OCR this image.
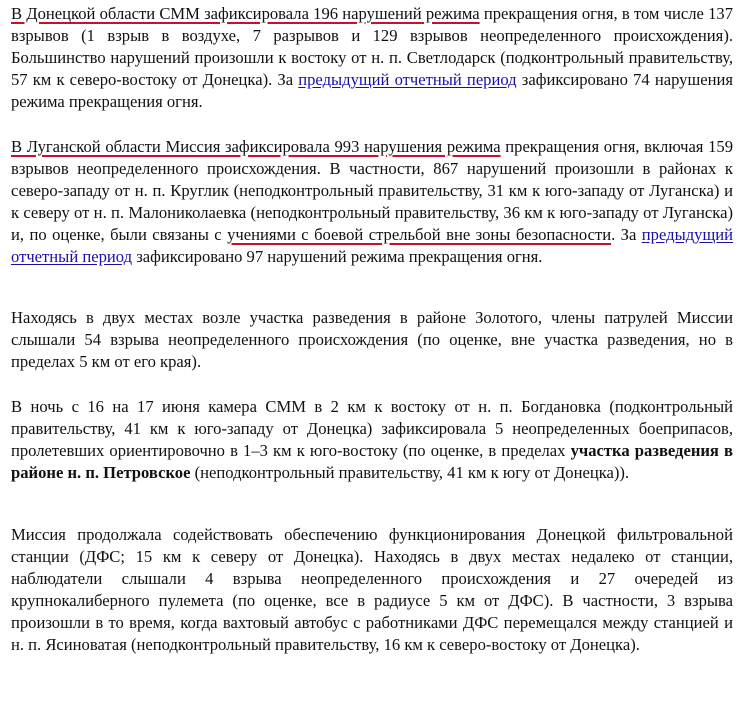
В Донецкой области СММ зафиксировала 196 нарушений режима прекращения огня, в том числе 137 взрывов (1 взрыв в воздухе, 7 разрывов и 129 взрывов неопределенного происхождения). Большинство нарушений произошли к востоку от н. п. Светлодарск (подконтрольный правительству, 57 км к северо-востоку от Донецка). За предыдущий отчетный период зафиксировано 74 нарушения режима прекращения огня.

В Луганской области Миссия зафиксировала 993 нарушения режима прекращения огня, включая 159 взрывов неопределенного происхождения. В частности, 867 нарушений произошли в районах к северо-западу от н. п. Круглик (неподконтрольный правительству, 31 км к юго-западу от Луганска) и к северу от н. п. Малониколаевка (неподконтрольный правительству, 36 км к юго-западу от Луганска) и, по оценке, были связаны с учениями с боевой стрельбой вне зоны безопасности. За предыдущий отчетный период зафиксировано 97 нарушений режима прекращения огня.

Находясь в двух местах возле участка разведения в районе Золотого, члены патрулей Миссии слышали 54 взрыва неопределенного происхождения (по оценке, вне участка разведения, но в пределах 5 км от его края).

В ночь с 16 на 17 июня камера СММ в 2 км к востоку от н. п. Богдановка (подконтрольный правительству, 41 км к юго-западу от Донецка) зафиксировала 5 неопределенных боеприпасов, пролетевших ориентировочно в 1–3 км к юго-востоку (по оценке, в пределах участка разведения в районе н. п. Петровское (неподконтрольный правительству, 41 км к югу от Донецка)).

Миссия продолжала содействовать обеспечению функционирования Донецкой фильтровальной станции (ДФС; 15 км к северу от Донецка). Находясь в двух местах недалеко от станции, наблюдатели слышали 4 взрыва неопределенного происхождения и 27 очередей из крупнокалиберного пулемета (по оценке, все в радиусе 5 км от ДФС). В частности, 3 взрыва произошли в то время, когда вахтовый автобус с работниками ДФС перемещался между станцией и н. п. Ясиноватая (неподконтрольный правительству, 16 км к северо-востоку от Донецка).
